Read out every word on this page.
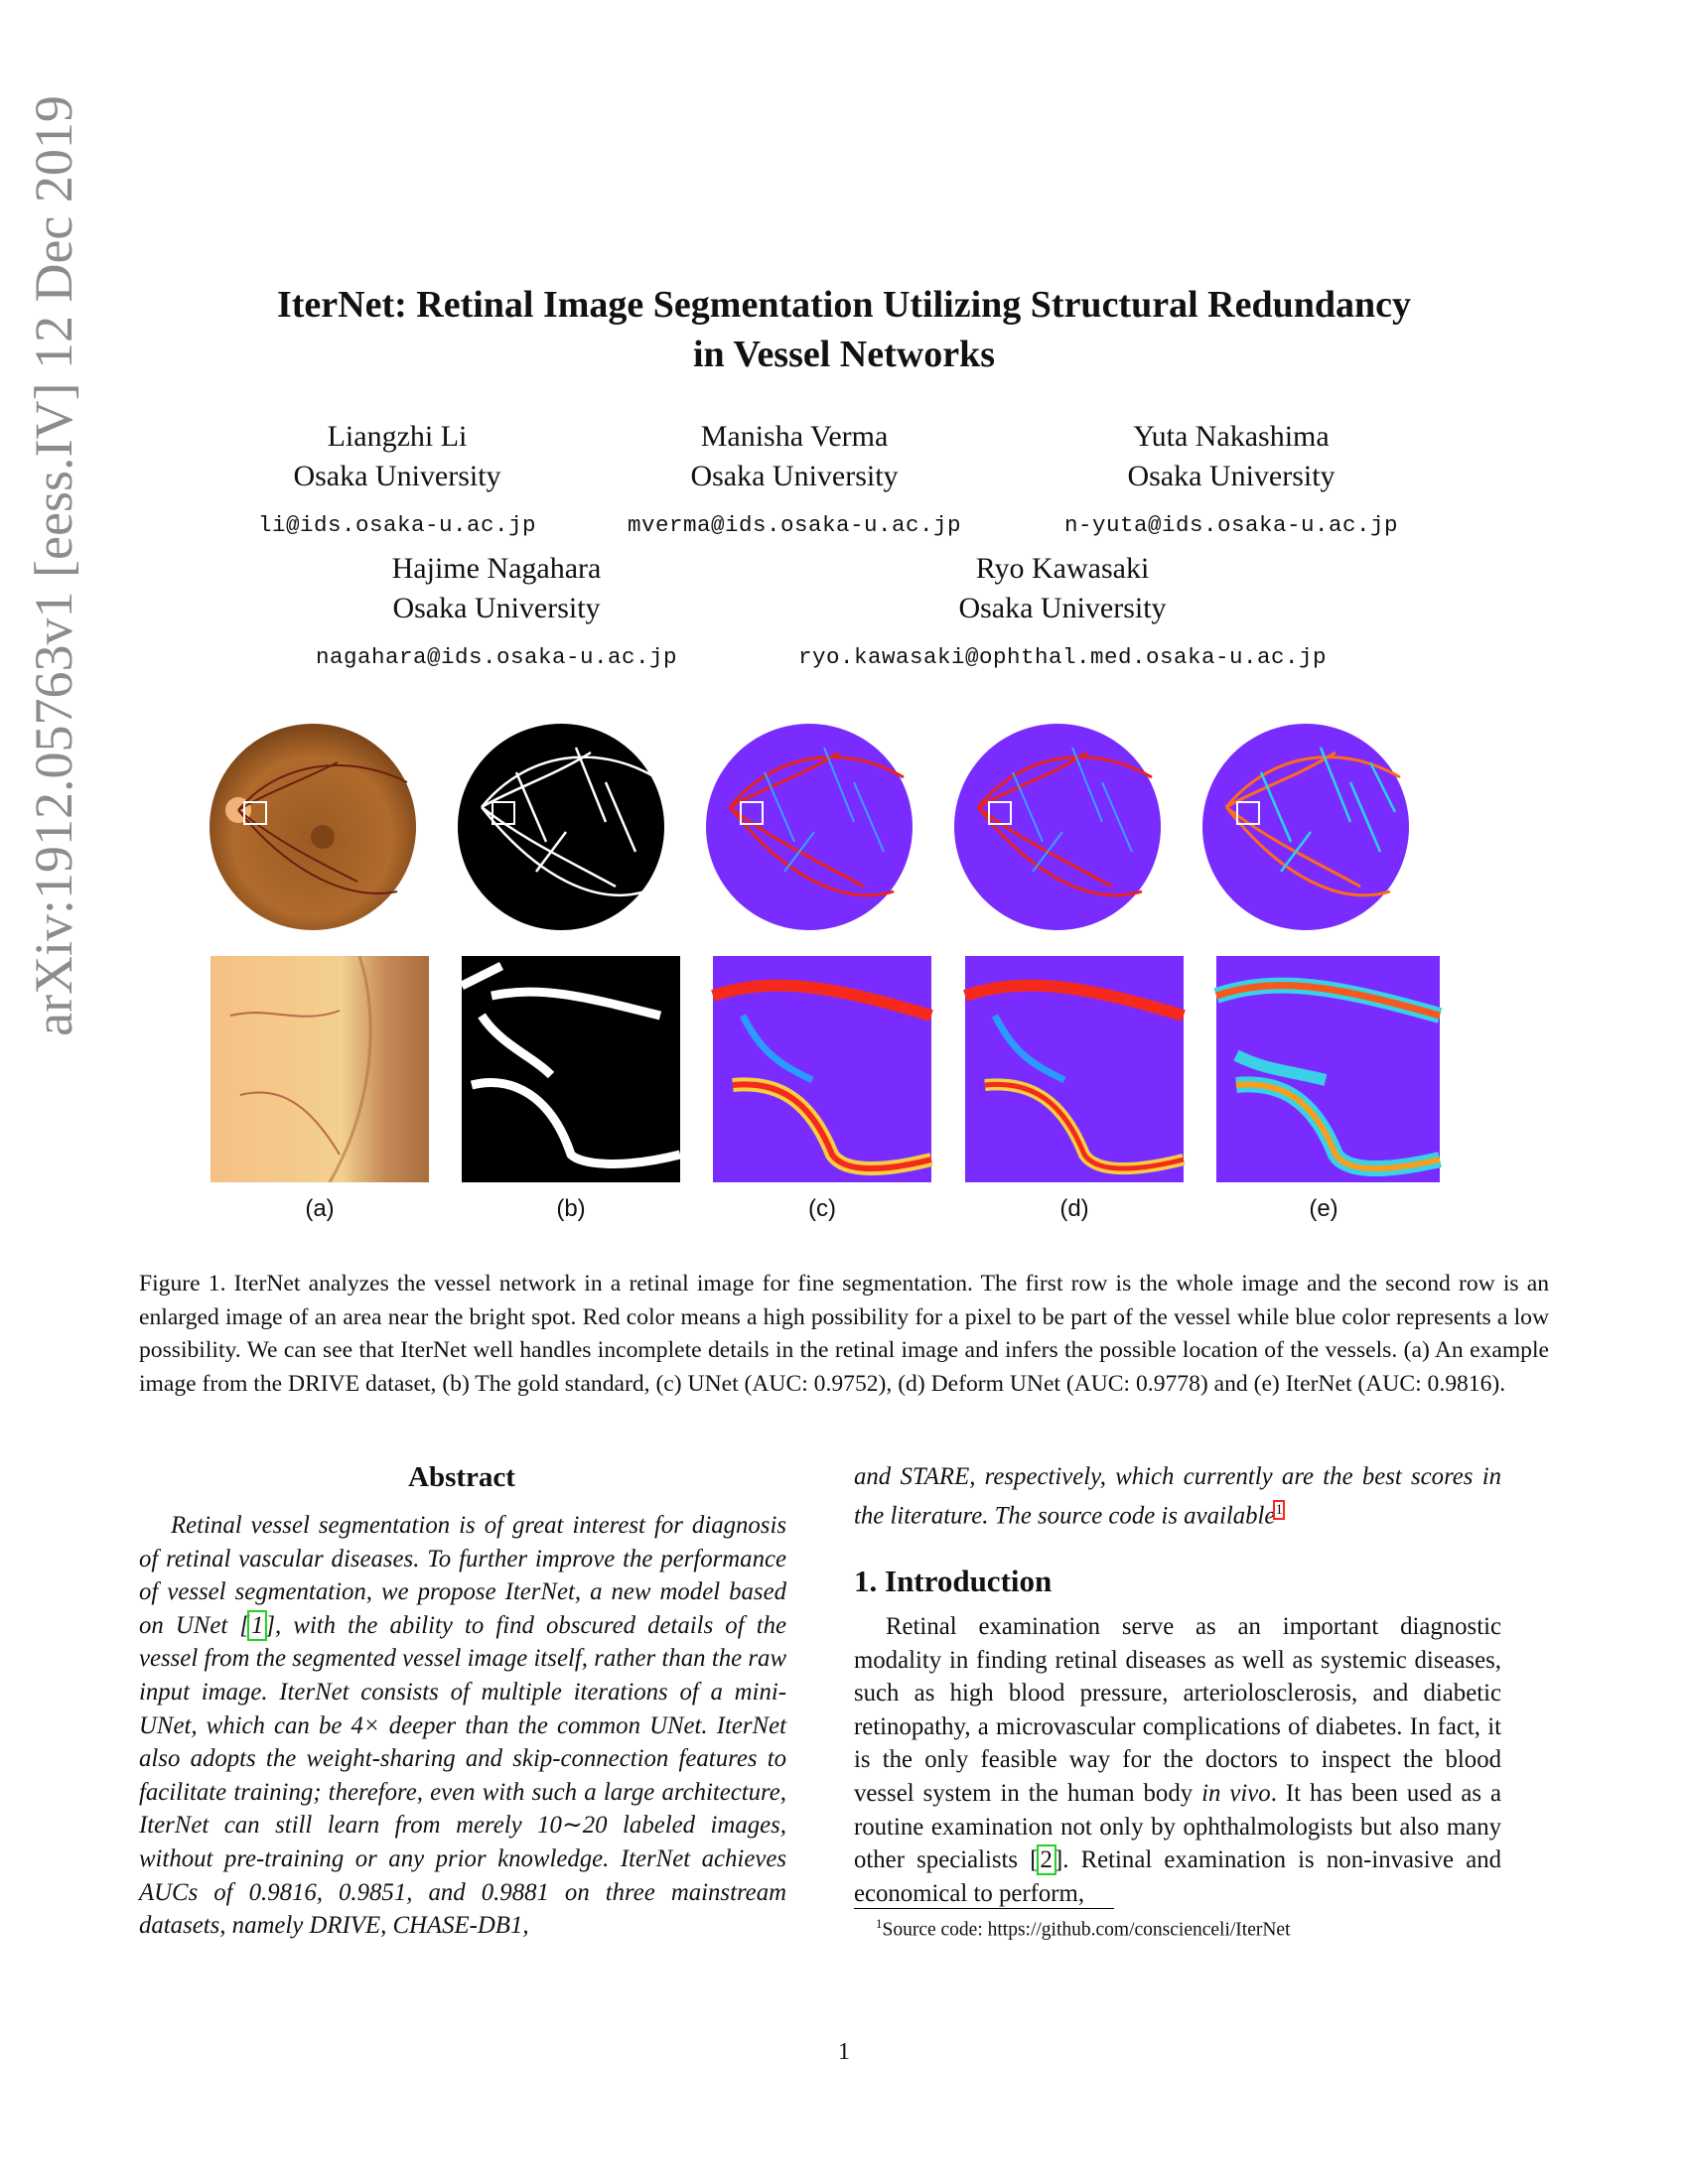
arXiv:1912.05763v1 [eess.IV] 12 Dec 2019	IterNet: Retinal Image Segmentation Utilizing Structural Redundancy
in Vessel Networks
Liangzhi Li
Osaka University
li@ids.osaka-u.ac.jp
Manisha Verma
Osaka University
mverma@ids.osaka-u.ac.jp
Yuta Nakashima
Osaka University
n-yuta@ids.osaka-u.ac.jp
Hajime Nagahara
Osaka University
nagahara@ids.osaka-u.ac.jp
Ryo Kawasaki
Osaka University
ryo.kawasaki@ophthal.med.osaka-u.ac.jp
(a)	(b)	(c)	(d)	(e)
Figure 1. IterNet analyzes the vessel network in a retinal image for fine segmentation. The first row is the whole image and the second row is an enlarged image of an area near the bright spot. Red color means a high possibility for a pixel to be part of the vessel while blue color represents a low possibility. We can see that IterNet well handles incomplete details in the retinal image and infers the possible location of the vessels. (a) An example image from the DRIVE dataset, (b) The gold standard, (c) UNet (AUC: 0.9752), (d) Deform UNet (AUC: 0.9778) and (e) IterNet (AUC: 0.9816).
Abstract
Retinal vessel segmentation is of great interest for diagnosis of retinal vascular diseases. To further improve the performance of vessel segmentation, we propose IterNet, a new model based on UNet [1], with the ability to find obscured details of the vessel from the segmented vessel image itself, rather than the raw input image. IterNet consists of multiple iterations of a mini-UNet, which can be 4× deeper than the common UNet. IterNet also adopts the weight-sharing and skip-connection features to facilitate training; therefore, even with such a large architecture, IterNet can still learn from merely 10∼20 labeled images, without pre-training or any prior knowledge. IterNet achieves AUCs of 0.9816, 0.9851, and 0.9881 on three mainstream datasets, namely DRIVE, CHASE-DB1,
and STARE, respectively, which currently are the best scores in the literature. The source code is available$^1$
1. Introduction
Retinal examination serve as an important diagnostic modality in finding retinal diseases as well as systemic diseases, such as high blood pressure, arteriolosclerosis, and diabetic retinopathy, a microvascular complications of diabetes. In fact, it is the only feasible way for the doctors to inspect the blood vessel system in the human body in vivo. It has been used as a routine examination not only by ophthalmologists but also many other specialists [2]. Retinal examination is non-invasive and economical to perform,
$^1$Source code: https://github.com/conscienceli/IterNet
1
